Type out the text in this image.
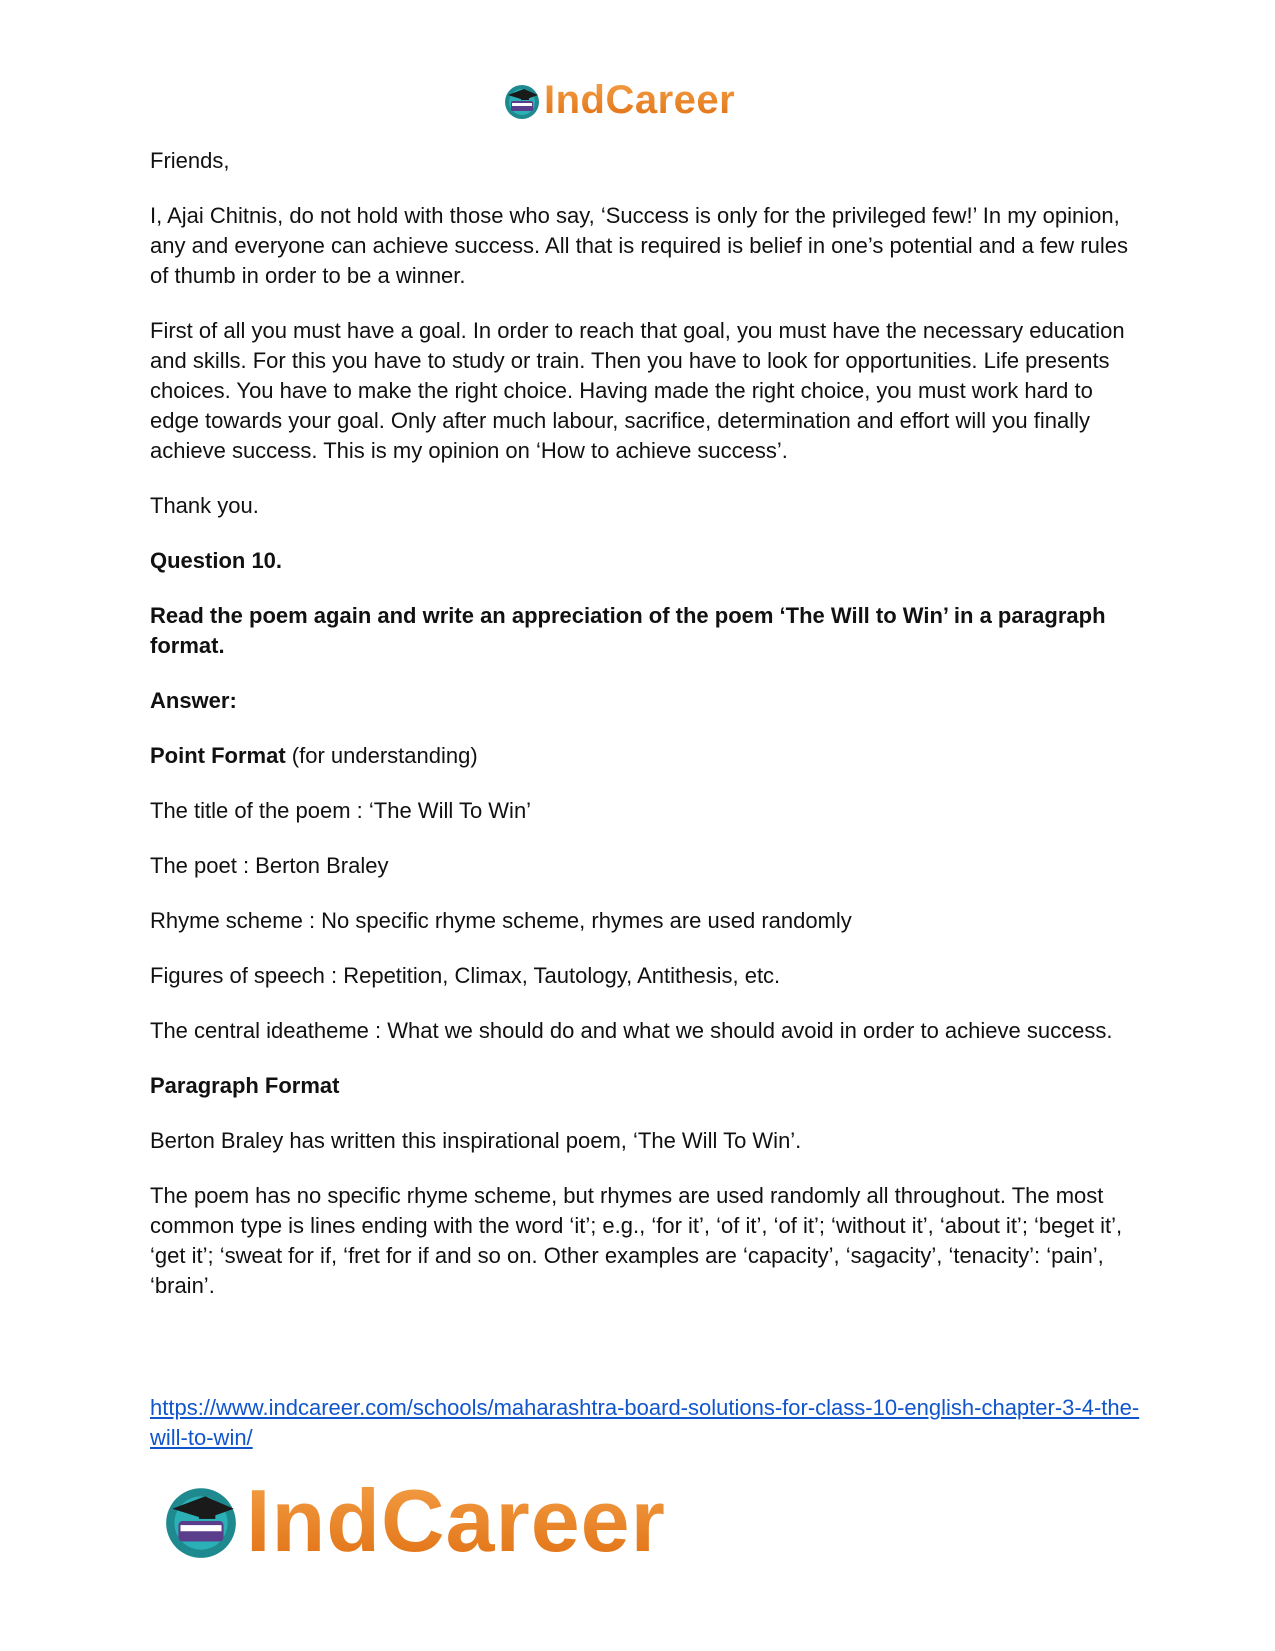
IndCareer

Friends,

I, Ajai Chitnis, do not hold with those who say, ‘Success is only for the privileged few!’ In my opinion, any and everyone can achieve success. All that is required is belief in one’s potential and a few rules of thumb in order to be a winner.

First of all you must have a goal. In order to reach that goal, you must have the necessary education and skills. For this you have to study or train. Then you have to look for opportunities. Life presents choices. You have to make the right choice. Having made the right choice, you must work hard to edge towards your goal. Only after much labour, sacrifice, determination and effort will you finally achieve success. This is my opinion on ‘How to achieve success’.

Thank you.

Question 10.

Read the poem again and write an appreciation of the poem ‘The Will to Win’ in a paragraph format.

Answer:

Point Format (for understanding)

The title of the poem : ‘The Will To Win’

The poet : Berton Braley

Rhyme scheme : No specific rhyme scheme, rhymes are used randomly

Figures of speech : Repetition, Climax, Tautology, Antithesis, etc.

The central ideatheme : What we should do and what we should avoid in order to achieve success.

Paragraph Format

Berton Braley has written this inspirational poem, ‘The Will To Win’.

The poem has no specific rhyme scheme, but rhymes are used randomly all throughout. The most common type is lines ending with the word ‘it’; e.g., ‘for it’, ‘of it’, ‘of it’; ‘without it’, ‘about it’; ‘beget it’, ‘get it’; ‘sweat for if, ‘fret for if and so on. Other examples are ‘capacity’, ‘sagacity’, ‘tenacity’: ‘pain’, ‘brain’.

https://www.indcareer.com/schools/maharashtra-board-solutions-for-class-10-english-chapter-3-4-the-will-to-win/
IndCareer
